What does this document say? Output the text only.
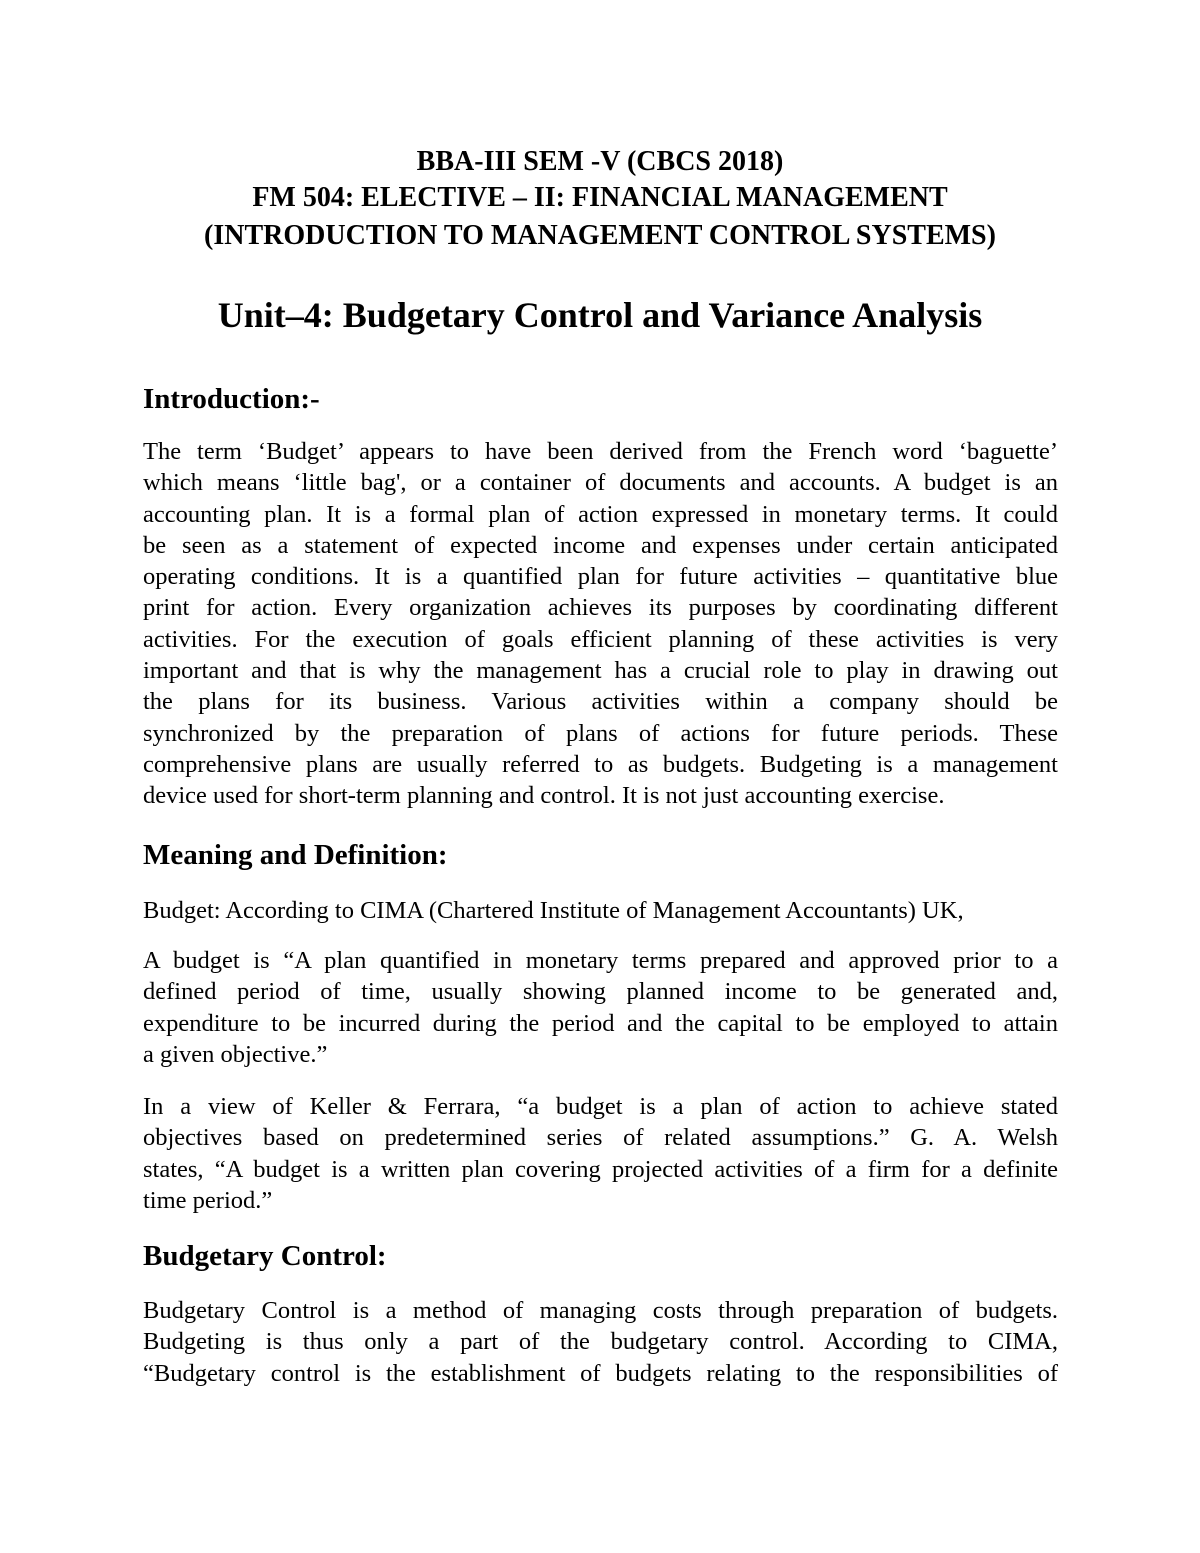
BBA-III SEM -V (CBCS 2018)
FM 504: ELECTIVE – II: FINANCIAL MANAGEMENT
(INTRODUCTION TO MANAGEMENT CONTROL SYSTEMS)
Unit–4: Budgetary Control and Variance Analysis
Introduction:-
The term ‘Budget’ appears to have been derived from the French word ‘baguette’
which means ‘little bag', or a container of documents and accounts. A budget is an
accounting plan. It is a formal plan of action expressed in monetary terms. It could
be seen as a statement of expected income and expenses under certain anticipated
operating conditions. It is a quantified plan for future activities – quantitative blue
print for action. Every organization achieves its purposes by coordinating different
activities. For the execution of goals efficient planning of these activities is very
important and that is why the management has a crucial role to play in drawing out
the plans for its business. Various activities within a company should be
synchronized by the preparation of plans of actions for future periods. These
comprehensive plans are usually referred to as budgets. Budgeting is a management
device used for short-term planning and control. It is not just accounting exercise.
Meaning and Definition:
Budget: According to CIMA (Chartered Institute of Management Accountants) UK,
A budget is “A plan quantified in monetary terms prepared and approved prior to a
defined period of time, usually showing planned income to be generated and,
expenditure to be incurred during the period and the capital to be employed to attain
a given objective.”
In a view of Keller & Ferrara, “a budget is a plan of action to achieve stated
objectives based on predetermined series of related assumptions.” G. A. Welsh
states, “A budget is a written plan covering projected activities of a firm for a definite
time period.”
Budgetary Control:
Budgetary Control is a method of managing costs through preparation of budgets.
Budgeting is thus only a part of the budgetary control. According to CIMA,
“Budgetary control is the establishment of budgets relating to the responsibilities of
